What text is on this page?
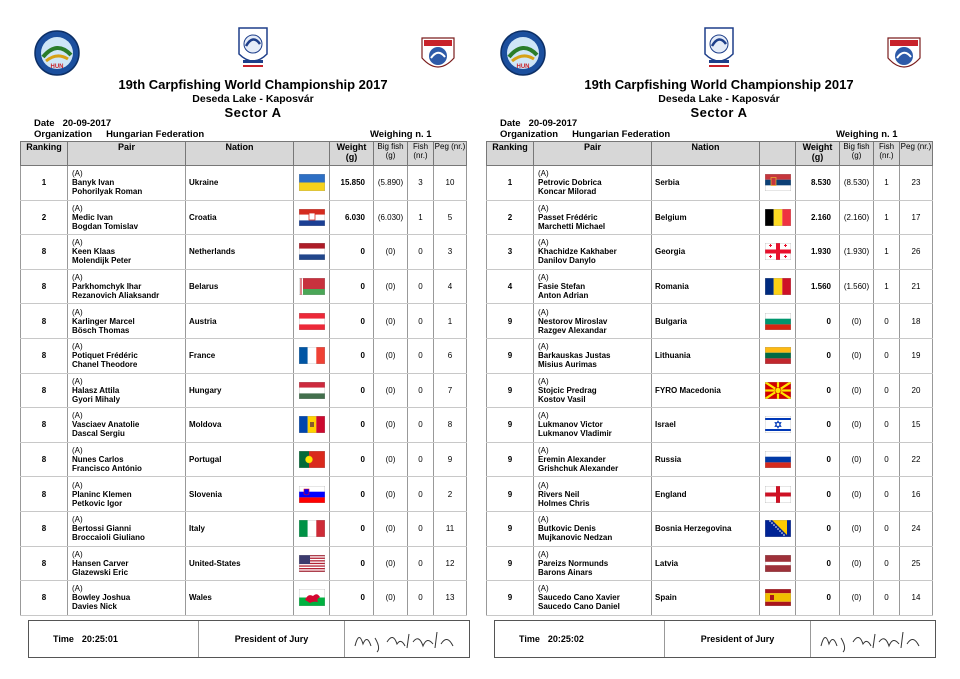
19th Carpfishing World Championship 2017
Deseda Lake - Kaposvár
Sector A
Date 20-09-2017
Organization Hungarian Federation	Weighing n. 1
Ranking	Pair	Nation		Weight (g)	Big fish (g)	Fish (nr.)	Peg (nr.)
1	(A)
Banyk Ivan
Pohorilyak Roman	Ukraine		15.850	(5.890)	3	10
2	(A)
Medic Ivan
Bogdan Tomislav	Croatia		6.030	(6.030)	1	5
8	(A)
Keen Klaas
Molendijk Peter	Netherlands		0	(0)	0	3
8	(A)
Parkhomchyk Ihar
Rezanovich Aliaksandr	Belarus		0	(0)	0	4
8	(A)
Karlinger Marcel
Bösch Thomas	Austria		0	(0)	0	1
8	(A)
Potiquet Frédéric
Chanel Theodore	France		0	(0)	0	6
8	(A)
Halasz Attila
Gyori Mihaly	Hungary		0	(0)	0	7
8	(A)
Vasciaev Anatolie
Dascal Sergiu	Moldova		0	(0)	0	8
8	(A)
Nunes Carlos
Francisco António	Portugal		0	(0)	0	9
8	(A)
Planinc Klemen
Petkovic Igor	Slovenia		0	(0)	0	2
8	(A)
Bertossi Gianni
Broccaioli Giuliano	Italy		0	(0)	0	11
8	(A)
Hansen Carver
Glazewski Eric	United-States		0	(0)	0	12
8	(A)
Bowley Joshua
Davies Nick	Wales		0	(0)	0	13
Time 20:25:01	President of Jury
19th Carpfishing World Championship 2017
Deseda Lake - Kaposvár
Sector A
Date 20-09-2017
Organization Hungarian Federation	Weighing n. 1
Ranking	Pair	Nation		Weight (g)	Big fish (g)	Fish (nr.)	Peg (nr.)
1	(A)
Petrovic Dobrica
Koncar Milorad	Serbia		8.530	(8.530)	1	23
2	(A)
Passet Frédéric
Marchetti Michael	Belgium		2.160	(2.160)	1	17
3	(A)
Khachidze Kakhaber
Danilov Danylo	Georgia		1.930	(1.930)	1	26
4	(A)
Fasie Stefan
Anton Adrian	Romania		1.560	(1.560)	1	21
9	(A)
Nestorov Miroslav
Razgev Alexandar	Bulgaria		0	(0)	0	18
9	(A)
Barkauskas Justas
Misius Aurimas	Lithuania		0	(0)	0	19
9	(A)
Stojcic Predrag
Kostov Vasil	FYRO Macedonia		0	(0)	0	20
9	(A)
Lukmanov Victor
Lukmanov Vladimir	Israel		0	(0)	0	15
9	(A)
Eremin Alexander
Grishchuk Alexander	Russia		0	(0)	0	22
9	(A)
Rivers Neil
Holmes Chris	England		0	(0)	0	16
9	(A)
Butkovic Denis
Mujkanovic Nedzan	Bosnia Herzegovina		0	(0)	0	24
9	(A)
Pareizs Normunds
Barons Ainars	Latvia		0	(0)	0	25
9	(A)
Saucedo Cano Xavier
Saucedo Cano Daniel	Spain		0	(0)	0	14
Time 20:25:02	President of Jury
